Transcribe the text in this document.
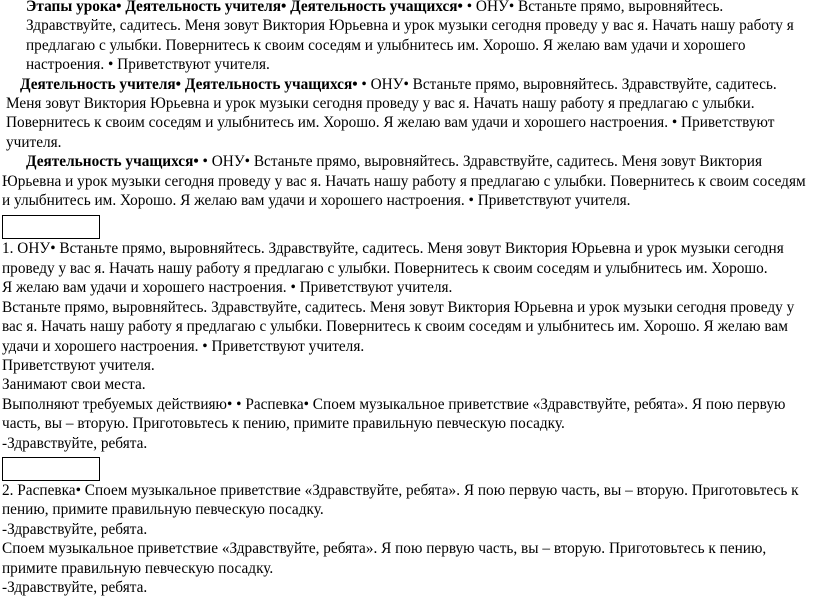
Этапы урока• Деятельность учителя• Деятельность учащихся• • ОНУ• Встаньте прямо, выровняйтесь. Здравствуйте, садитесь. Меня зовут Виктория Юрьевна и урок музыки сегодня проведу у вас я. Начать нашу работу я предлагаю с улыбки. Повернитесь к своим соседям и улыбнитесь им. Хорошо. Я желаю вам удачи и хорошего настроения. • Приветствуют учителя.

Деятельность учителя• Деятельность учащихся• • ОНУ• Встаньте прямо, выровняйтесь. Здравствуйте, садитесь. Меня зовут Виктория Юрьевна и урок музыки сегодня проведу у вас я. Начать нашу работу я предлагаю с улыбки. Повернитесь к своим соседям и улыбнитесь им. Хорошо. Я желаю вам удачи и хорошего настроения. • Приветствуют учителя.

Деятельность учащихся• • ОНУ• Встаньте прямо, выровняйтесь. Здравствуйте, садитесь. Меня зовут Виктория Юрьевна и урок музыки сегодня проведу у вас я. Начать нашу работу я предлагаю с улыбки. Повернитесь к своим соседям и улыбнитесь им. Хорошо. Я желаю вам удачи и хорошего настроения. • Приветствуют учителя.

1. ОНУ• Встаньте прямо, выровняйтесь. Здравствуйте, садитесь. Меня зовут Виктория Юрьевна и урок музыки сегодня проведу у вас я. Начать нашу работу я предлагаю с улыбки. Повернитесь к своим соседям и улыбнитесь им. Хорошо.

Я желаю вам удачи и хорошего настроения. • Приветствуют учителя.

Встаньте прямо, выровняйтесь. Здравствуйте, садитесь. Меня зовут Виктория Юрьевна и урок музыки сегодня проведу у вас я. Начать нашу работу я предлагаю с улыбки. Повернитесь к своим соседям и улыбнитесь им. Хорошо. Я желаю вам удачи и хорошего настроения. • Приветствуют учителя.

Приветствуют учителя.

Занимают свои места.

Выполняют требуемых действияю• • Распевка• Споем музыкальное приветствие «Здравствуйте, ребята». Я пою первую часть, вы – вторую. Приготовьтесь к пению, примите правильную певческую посадку.

-Здравствуйте, ребята.

2. Распевка• Споем музыкальное приветствие «Здравствуйте, ребята». Я пою первую часть, вы – вторую. Приготовьтесь к пению, примите правильную певческую посадку.

-Здравствуйте, ребята.

Споем музыкальное приветствие «Здравствуйте, ребята». Я пою первую часть, вы – вторую. Приготовьтесь к пению, примите правильную певческую посадку.

-Здравствуйте, ребята.
